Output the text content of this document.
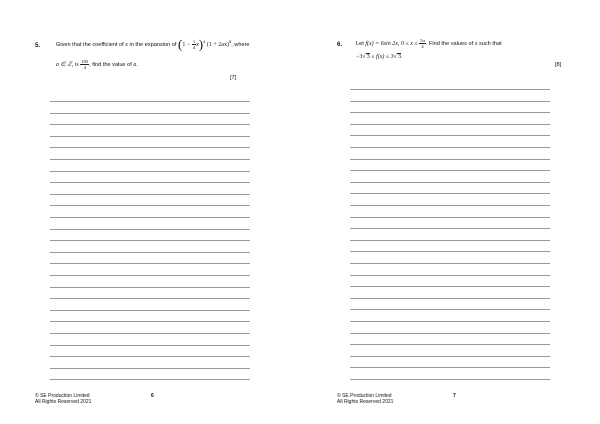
5.	Given that the coefficient of x in the expansion of $(1 - \frac{1}{4} x)^4$ $(1 + 2ax)^5$, where
a ∈ ℤ, is $\frac{105}{4}$ , find the value of a.
[7]
© SE Production Limited
All Rights Reserved 2021
6
6. Let f(x) = 6sin 2x, $0 \le x \le \frac{5\pi}{4}$ . Find the values of x such that
−3√3 ≤ f(x) ≤ 3√3.
[8]
© SE Production Limited
All Rights Reserved 2021
7
